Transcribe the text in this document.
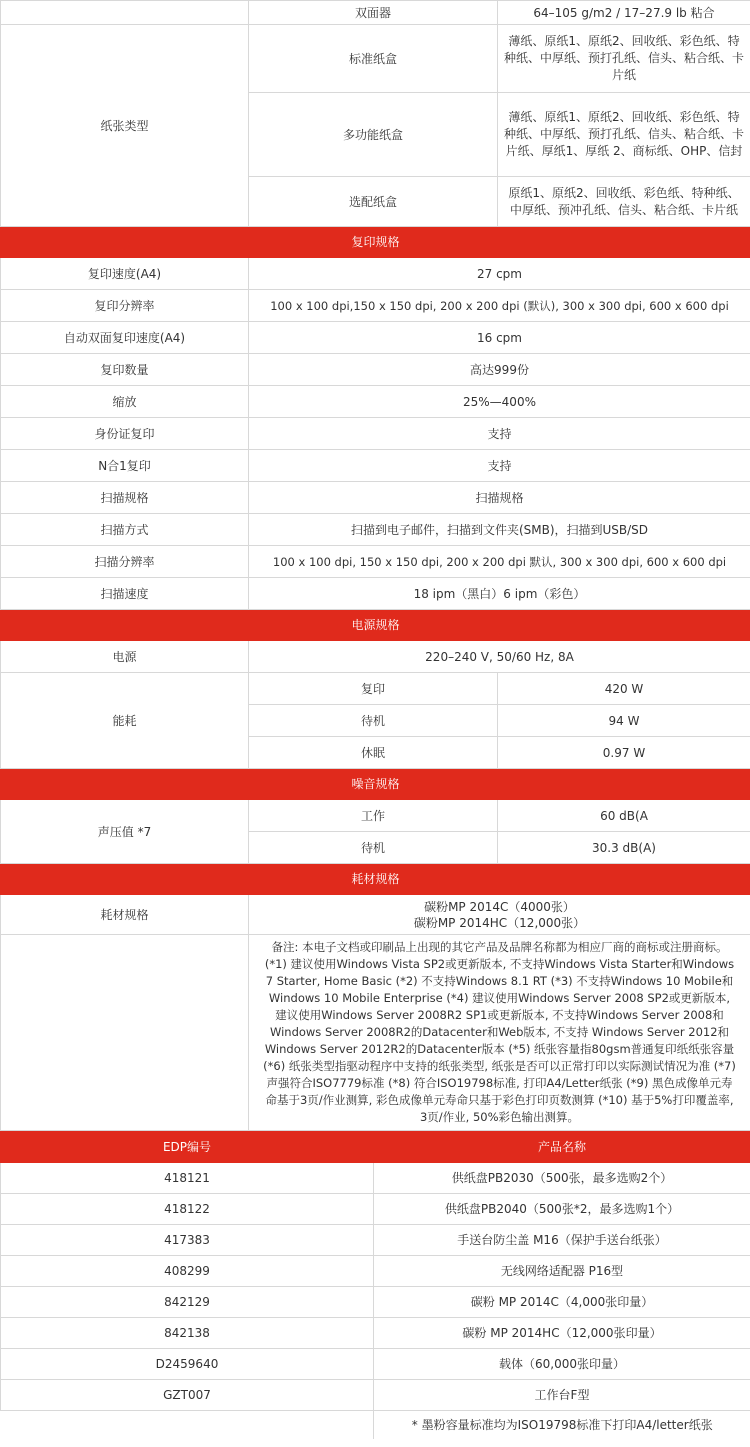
	双面器	64–105 g/m2 / 17–27.9 lb 粘合
纸张类型	标准纸盒	薄纸、原纸1、原纸2、回收纸、彩色纸、特种纸、中厚纸、预打孔纸、信头、粘合纸、卡片纸
	多功能纸盒	薄纸、原纸1、原纸2、回收纸、彩色纸、特种纸、中厚纸、预打孔纸、信头、粘合纸、卡片纸、厚纸1、厚纸 2、商标纸、OHP、信封
	选配纸盒	原纸1、原纸2、回收纸、彩色纸、特种纸、中厚纸、预冲孔纸、信头、粘合纸、卡片纸
复印规格		
复印速度(A4)	27 cpm	
复印分辨率	100 x 100 dpi,150 x 150 dpi, 200 x 200 dpi (默认), 300 x 300 dpi, 600 x 600 dpi	
自动双面复印速度(A4)	16 cpm	
复印数量	高达999份	
缩放	25%—400%	
身份证复印	支持	
N合1复印	支持	
扫描规格	扫描规格	
扫描方式	扫描到电子邮件，扫描到文件夹(SMB)，扫描到USB/SD	
扫描分辨率	100 x 100 dpi, 150 x 150 dpi, 200 x 200 dpi 默认, 300 x 300 dpi, 600 x 600 dpi	
扫描速度	18 ipm（黑白）6 ipm（彩色）	
电源规格		
电源	220–240 V, 50/60 Hz, 8A	
能耗	复印	420 W
	待机	94 W
	休眠	0.97 W
噪音规格		
声压值 *7	工作	60 dB(A
	待机	30.3 dB(A)
耗材规格		
耗材规格	碳粉MP 2014C（4000张）
碳粉MP 2014HC（12,000张）	

	备注: 本电子文档或印刷品上出现的其它产品及品牌名称都为相应厂商的商标或注册商标。(*1) 建议使用Windows Vista SP2或更新版本, 不支持Windows Vista Starter和Windows 7 Starter, Home Basic (*2) 不支持Windows 8.1 RT (*3) 不支持Windows 10 Mobile和Windows 10 Mobile Enterprise (*4) 建议使用Windows Server 2008 SP2或更新版本, 建议使用Windows Server 2008R2 SP1或更新版本, 不支持Windows Server 2008和Windows Server 2008R2的Datacenter和Web版本, 不支持 Windows Server 2012和Windows Server 2012R2的Datacenter版本 (*5) 纸张容量指80gsm普通复印纸纸张容量 (*6) 纸张类型指驱动程序中支持的纸张类型, 纸张是否可以正常打印以实际测试情况为准 (*7) 声强符合ISO7779标准 (*8) 符合ISO19798标准, 打印A4/Letter纸张 (*9) 黑色成像单元寿命基于3页/作业测算, 彩色成像单元寿命只基于彩色打印页数测算 (*10) 基于5%打印覆盖率, 3页/作业, 50%彩色输出测算。	
EDP编号	产品名称
418121	供纸盘PB2030（500张，最多选购2个）
418122	供纸盘PB2040（500张*2，最多选购1个）
417383	手送台防尘盖 M16（保护手送台纸张）
408299	无线网络适配器 P16型
842129	碳粉 MP 2014C（4,000张印量）
842138	碳粉 MP 2014HC（12,000张印量）
D2459640	载体（60,000张印量）
GZT007	工作台F型
	* 墨粉容量标准均为ISO19798标准下打印A4/letter纸张
